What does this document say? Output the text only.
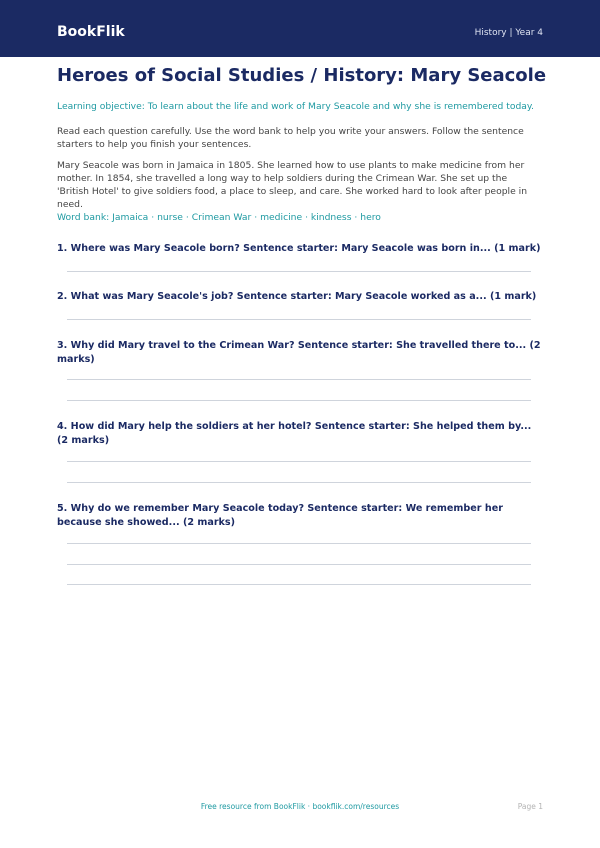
BookFlik	History | Year 4
Heroes of Social Studies / History: Mary Seacole

Learning objective: To learn about the life and work of Mary Seacole and why she is remembered today.

Read each question carefully. Use the word bank to help you write your answers. Follow the sentence starters to help you finish your sentences.

Mary Seacole was born in Jamaica in 1805. She learned how to use plants to make medicine from her mother. In 1854, she travelled a long way to help soldiers during the Crimean War. She set up the 'British Hotel' to give soldiers food, a place to sleep, and care. She worked hard to look after people in need.

Word bank: Jamaica · nurse · Crimean War · medicine · kindness · hero

1. Where was Mary Seacole born? Sentence starter: Mary Seacole was born in... (1 mark)

2. What was Mary Seacole's job? Sentence starter: Mary Seacole worked as a... (1 mark)

3. Why did Mary travel to the Crimean War? Sentence starter: She travelled there to... (2 marks)

4. How did Mary help the soldiers at her hotel? Sentence starter: She helped them by... (2 marks)

5. Why do we remember Mary Seacole today? Sentence starter: We remember her because she showed... (2 marks)

Free resource from BookFlik · bookflik.com/resources	Page 1
